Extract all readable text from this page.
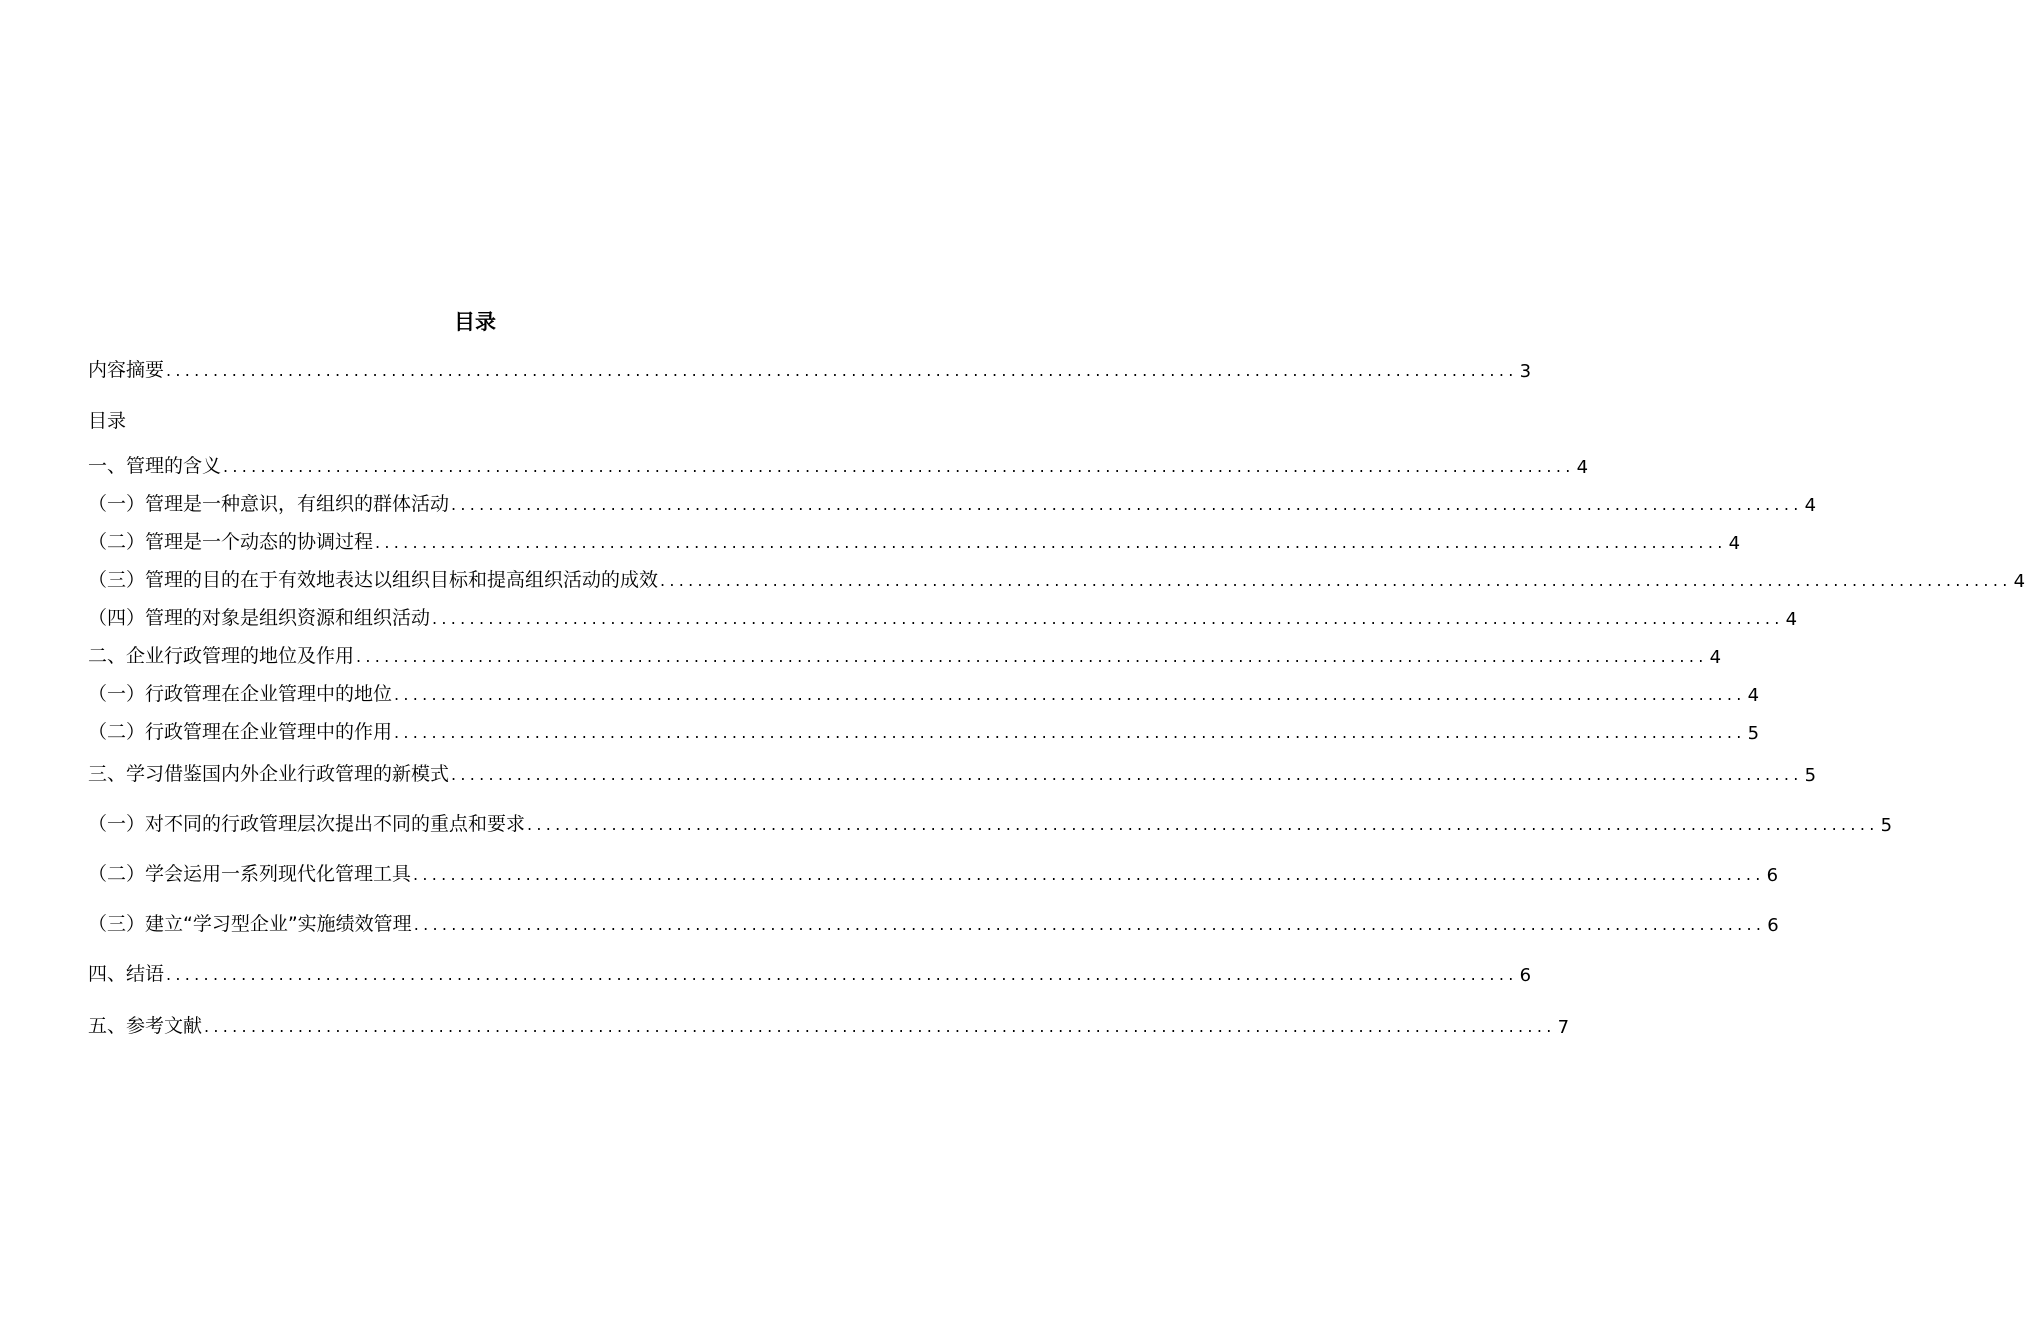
目录
内容摘要 ................................................................................................................................................ 3
目录
一、管理的含义 ................................................................................................................................................ 4
（一）管理是一种意识，有组织的群体活动 ................................................................................................................................................ 4
（二）管理是一个动态的协调过程 ................................................................................................................................................ 4
（三）管理的目的在于有效地表达以组织目标和提高组织活动的成效 ................................................................................................................................................ 4
（四）管理的对象是组织资源和组织活动 ................................................................................................................................................ 4
二、企业行政管理的地位及作用 ................................................................................................................................................ 4
（一）行政管理在企业管理中的地位 ................................................................................................................................................ 4
（二）行政管理在企业管理中的作用 ................................................................................................................................................ 5
三、学习借鉴国内外企业行政管理的新模式 ................................................................................................................................................ 5
（一）对不同的行政管理层次提出不同的重点和要求 ................................................................................................................................................ 5
（二）学会运用一系列现代化管理工具 ................................................................................................................................................ 6
（三）建立“学习型企业”实施绩效管理 ................................................................................................................................................ 6
四、结语 ................................................................................................................................................ 6
五、参考文献 ................................................................................................................................................ 7
